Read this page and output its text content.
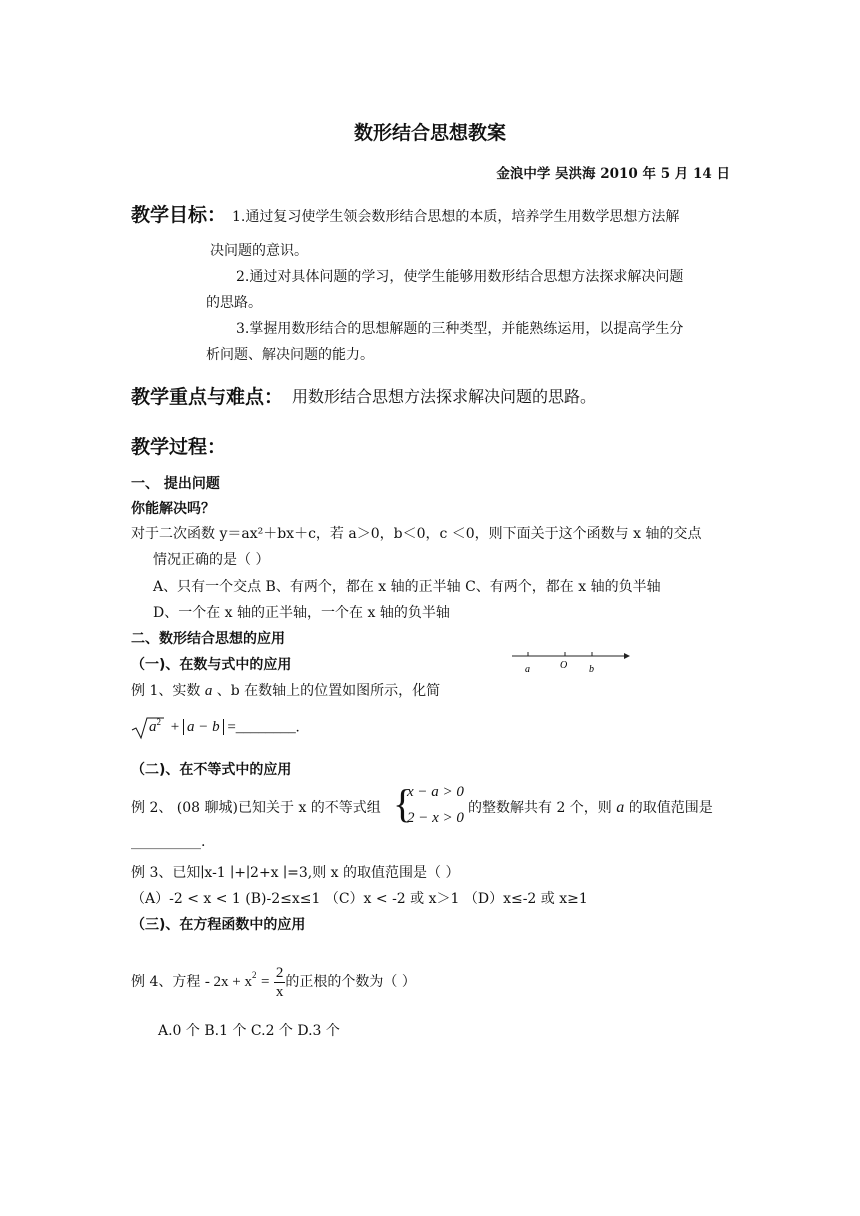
数形结合思想教案
金浪中学 吴洪海 2010 年 5 月 14 日
教学目标： 1.通过复习使学生领会数形结合思想的本质，培养学生用数学思想方法解
决问题的意识。
2.通过对具体问题的学习，使学生能够用数形结合思想方法探求解决问题
的思路。
3.掌握用数形结合的思想解题的三种类型，并能熟练运用，以提高学生分
析问题、解决问题的能力。
教学重点与难点： 用数形结合思想方法探求解决问题的思路。
教学过程：
一、 提出问题
你能解决吗？
对于二次函数 y＝ax²＋bx＋c，若 a＞0，b＜0，c ＜0，则下面关于这个函数与 x 轴的交点
情况正确的是（ ）
A、只有一个交点 B、有两个，都在 x 轴的正半轴 C、有两个，都在 x 轴的负半轴
D、一个在 x 轴的正半轴，一个在 x 轴的负半轴
二、数形结合思想的应用
（一)、在数与式中的应用	a	O b
例 1、实数 a 、b 在数轴上的位置如图所示，化简
$a^2 + a - b$ =________.
（二)、在不等式中的应用
例 2、 (08 聊城)已知关于 x 的不等式组 {
x − a > 0
2 − x > 0
的整数解共有 2 个，则 a 的取值范围是
__________.
例 3、已知∣x-1 ∣+∣2+x ∣=3,则 x 的取值范围是（ ）
（A）-2 < x < 1 (B)-2≤x≤1 （C）x < -2 或 x＞1 （D）x≤-2 或 x≥1
（三)、在方程函数中的应用
例 4、方程 - $2x + x^2 = \frac{2}{x}$ 的正根的个数为（ ）
A.0 个 B.1 个 C.2 个 D.3 个
